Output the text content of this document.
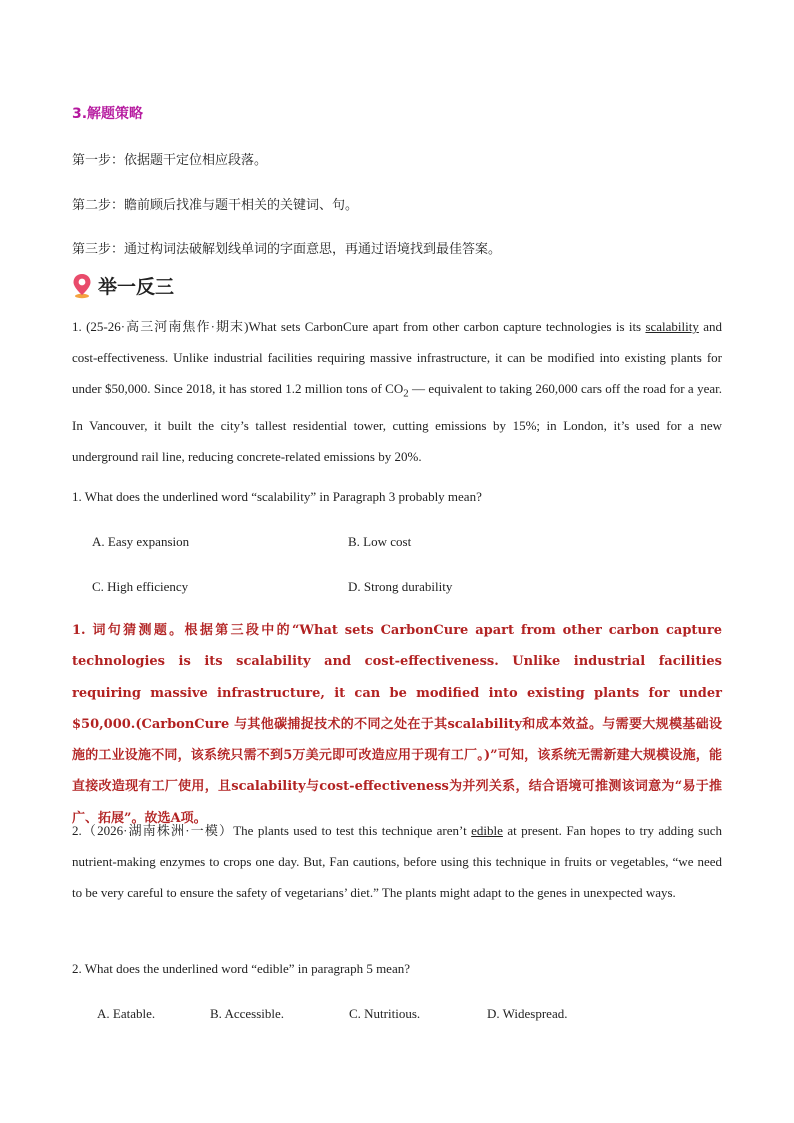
3.解题策略
第一步：依据题干定位相应段落。
第二步：瞻前顾后找准与题干相关的关键词、句。
第三步：通过构词法破解划线单词的字面意思，再通过语境找到最佳答案。
举一反三
1. (25-26·高三河南焦作·期末)What sets CarbonCure apart from other carbon capture technologies is its scalability and cost-effectiveness. Unlike industrial facilities requiring massive infrastructure, it can be modified into existing plants for under $50,000. Since 2018, it has stored 1.2 million tons of $CO_2$ — equivalent to taking 260,000 cars off the road for a year. In Vancouver, it built the city’s tallest residential tower, cutting emissions by 15%; in London, it’s used for a new underground rail line, reducing concrete-related emissions by 20%.
1. What does the underlined word “scalability” in Paragraph 3 probably mean?
A. Easy expansion	B. Low cost
C. High efficiency	D. Strong durability
1. 词句猜测题。根据第三段中的“What sets CarbonCure apart from other carbon capture technologies is its scalability and cost-effectiveness. Unlike industrial facilities requiring massive infrastructure, it can be modified into existing plants for under $50,000.(CarbonCure 与其他碳捕捉技术的不同之处在于其scalability和成本效益。与需要大规模基础设施的工业设施不同，该系统只需不到5万美元即可改造应用于现有工厂。)”可知，该系统无需新建大规模设施，能直接改造现有工厂使用，且scalability与cost-effectiveness为并列关系，结合语境可推测该词意为“易于推广、拓展”。故选A项。
2.（2026·湖南株洲·一模）The plants used to test this technique aren’t edible at present. Fan hopes to try adding such nutrient-making enzymes to crops one day. But, Fan cautions, before using this technique in fruits or vegetables, “we need to be very careful to ensure the safety of vegetarians’ diet.” The plants might adapt to the genes in unexpected ways.
2. What does the underlined word “edible” in paragraph 5 mean?
A. Eatable.	B. Accessible.	C. Nutritious.	D. Widespread.
